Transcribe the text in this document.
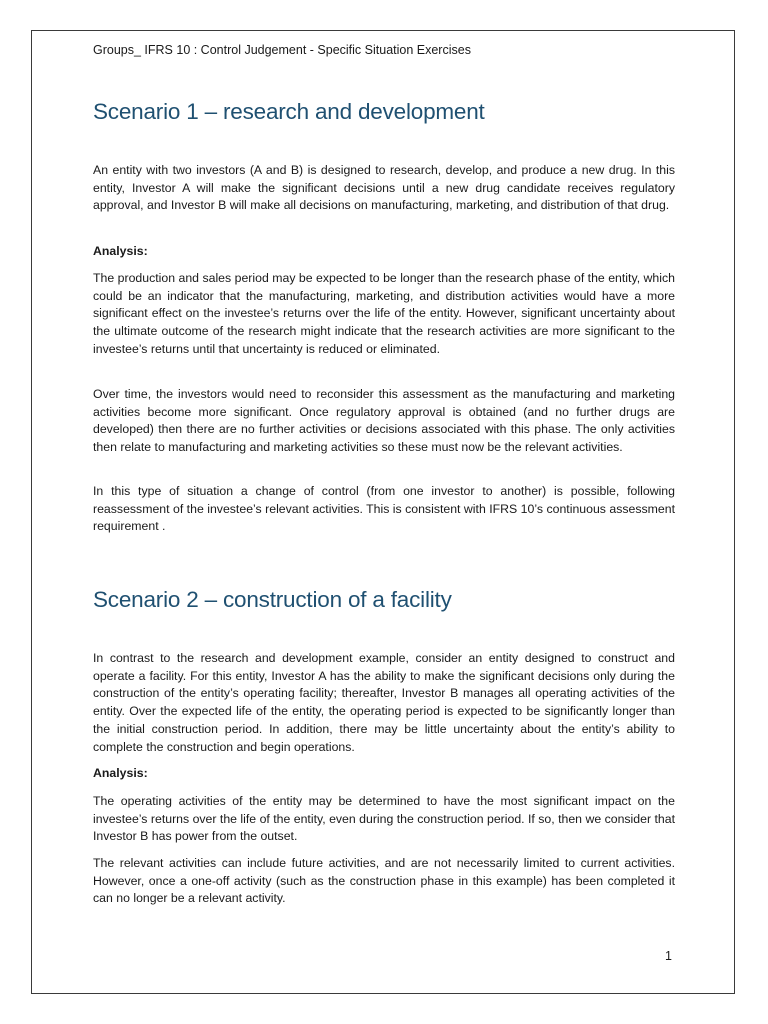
Groups_ IFRS 10 : Control Judgement - Specific Situation Exercises
Scenario 1 – research and development

An entity with two investors (A and B) is designed to research, develop, and produce a new drug. In this entity, Investor A will make the significant decisions until a new drug candidate receives regulatory approval, and Investor B will make all decisions on manufacturing, marketing, and distribution of that drug.

Analysis:

The production and sales period may be expected to be longer than the research phase of the entity, which could be an indicator that the manufacturing, marketing, and distribution activities would have a more significant effect on the investee’s returns over the life of the entity. However, significant uncertainty about the ultimate outcome of the research might indicate that the research activities are more significant to the investee’s returns until that uncertainty is reduced or eliminated.

Over time, the investors would need to reconsider this assessment as the manufacturing and marketing activities become more significant. Once regulatory approval is obtained (and no further drugs are developed) then there are no further activities or decisions associated with this phase. The only activities then relate to manufacturing and marketing activities so these must now be the relevant activities.

In this type of situation a change of control (from one investor to another) is possible, following reassessment of the investee’s relevant activities. This is consistent with IFRS 10’s continuous assessment requirement .

Scenario 2 – construction of a facility

In contrast to the research and development example, consider an entity designed to construct and operate a facility. For this entity, Investor A has the ability to make the significant decisions only during the construction of the entity’s operating facility; thereafter, Investor B manages all operating activities of the entity. Over the expected life of the entity, the operating period is expected to be significantly longer than the initial construction period. In addition, there may be little uncertainty about the entity’s ability to complete the construction and begin operations.

Analysis:

The operating activities of the entity may be determined to have the most significant impact on the investee’s returns over the life of the entity, even during the construction period. If so, then we consider that Investor B has power from the outset.

The relevant activities can include future activities, and are not necessarily limited to current activities. However, once a one-off activity (such as the construction phase in this example) has been completed it can no longer be a relevant activity.

1
